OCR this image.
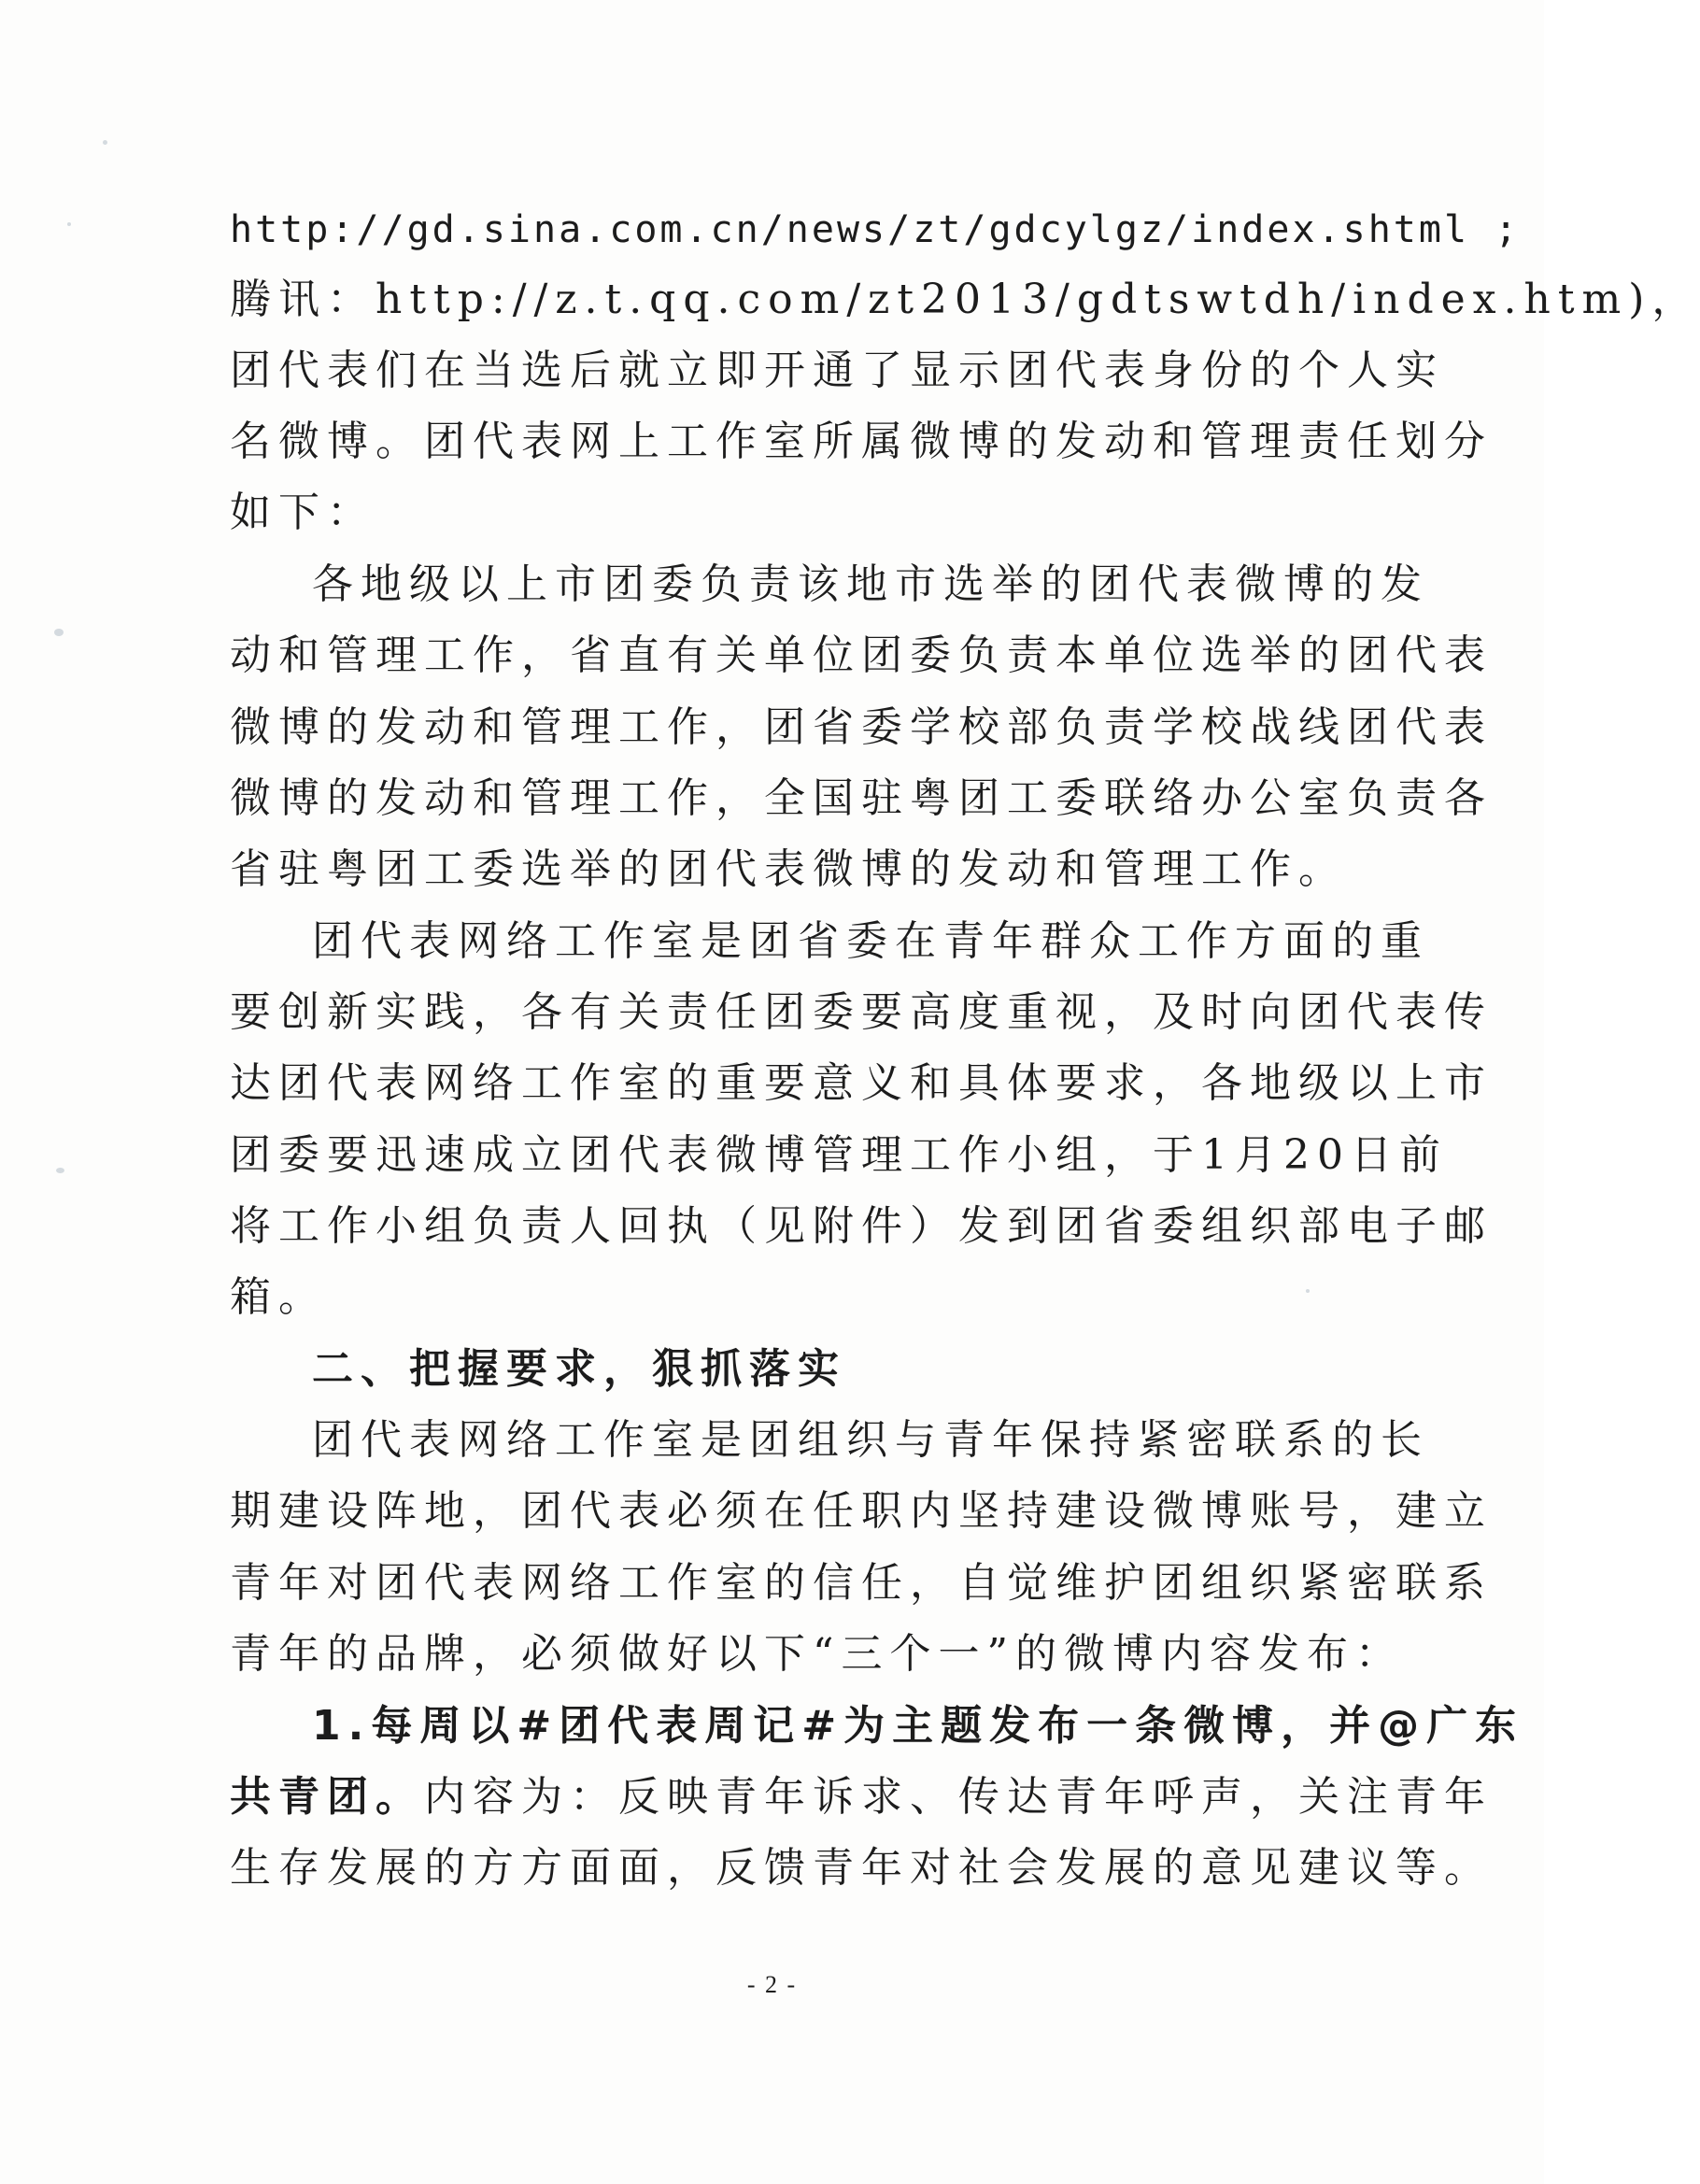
http://gd.sina.com.cn/news/zt/gdcylgz/index.shtml ;
腾讯：http://z.t.qq.com/zt2013/gdtswtdh/index.htm)，
团代表们在当选后就立即开通了显示团代表身份的个人实
名微博。团代表网上工作室所属微博的发动和管理责任划分
如下：
各地级以上市团委负责该地市选举的团代表微博的发
动和管理工作，省直有关单位团委负责本单位选举的团代表
微博的发动和管理工作，团省委学校部负责学校战线团代表
微博的发动和管理工作，全国驻粤团工委联络办公室负责各
省驻粤团工委选举的团代表微博的发动和管理工作。
团代表网络工作室是团省委在青年群众工作方面的重
要创新实践，各有关责任团委要高度重视，及时向团代表传
达团代表网络工作室的重要意义和具体要求，各地级以上市
团委要迅速成立团代表微博管理工作小组，于1月20日前
将工作小组负责人回执（见附件）发到团省委组织部电子邮
箱。
二、把握要求，狠抓落实
团代表网络工作室是团组织与青年保持紧密联系的长
期建设阵地，团代表必须在任职内坚持建设微博账号，建立
青年对团代表网络工作室的信任，自觉维护团组织紧密联系
青年的品牌，必须做好以下“三个一”的微博内容发布：
1.每周以#团代表周记#为主题发布一条微博，并@广东
共青团。内容为：反映青年诉求、传达青年呼声，关注青年
生存发展的方方面面，反馈青年对社会发展的意见建议等。
- 2 -
